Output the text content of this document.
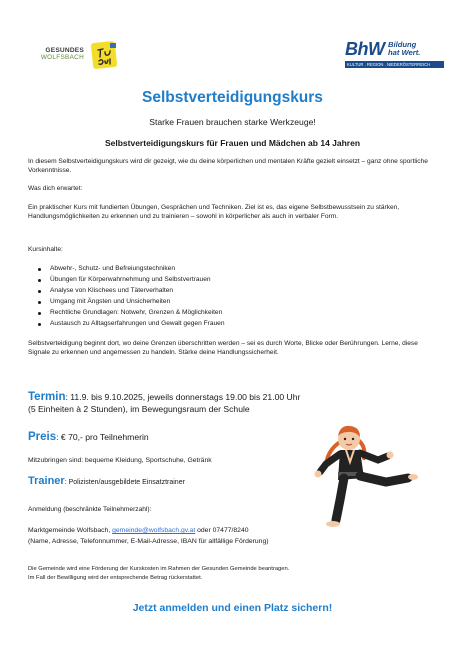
GESUNDES
WOLFSBACH	BhW Bildung
hat Wert.
KULTUR . REGION . NIEDERÖSTERREICH
Selbstverteidigungskurs
Starke Frauen brauchen starke Werkzeuge!
Selbstverteidigungskurs für Frauen und Mädchen ab 14 Jahren
In diesem Selbstverteidigungskurs wird dir gezeigt, wie du deine körperlichen und mentalen Kräfte gezielt einsetzt – ganz ohne sportliche Vorkenntnisse.
Was dich erwartet:
Ein praktischer Kurs mit fundierten Übungen, Gesprächen und Techniken. Ziel ist es, das eigene Selbstbewusstsein zu stärken, Handlungsmöglichkeiten zu erkennen und zu trainieren – sowohl in körperlicher als auch in verbaler Form.
Kursinhalte:
Abwehr-, Schutz- und Befreiungstechniken
Übungen für Körperwahrnehmung und Selbstvertrauen
Analyse von Klischees und Täterverhalten
Umgang mit Ängsten und Unsicherheiten
Rechtliche Grundlagen: Notwehr, Grenzen & Möglichkeiten
Austausch zu Alltagserfahrungen und Gewalt gegen Frauen
Selbstverteidigung beginnt dort, wo deine Grenzen überschritten werden – sei es durch Worte, Blicke oder Berührungen. Lerne, diese Signale zu erkennen und angemessen zu handeln. Stärke deine Handlungssicherheit.
Termin: 11.9. bis 9.10.2025, jeweils donnerstags 19.00 bis 21.00 Uhr
(5 Einheiten à 2 Stunden), im Bewegungsraum der Schule
Preis: € 70,- pro Teilnehmerin
Mitzubringen sind: bequeme Kleidung, Sportschuhe, Getränk
Trainer: Polizisten/ausgebildete Einsatztrainer
Anmeldung (beschränkte Teilnehmerzahl):
Marktgemeinde Wolfsbach, gemeinde@wolfsbach.gv.at oder 07477/8240
(Name, Adresse, Telefonnummer, E-Mail-Adresse, IBAN für allfällige Förderung)
Die Gemeinde wird eine Förderung der Kurskosten im Rahmen der Gesunden Gemeinde beantragen.
Im Fall der Bewilligung wird der entsprechende Betrag rückerstattet.
Jetzt anmelden und einen Platz sichern!
